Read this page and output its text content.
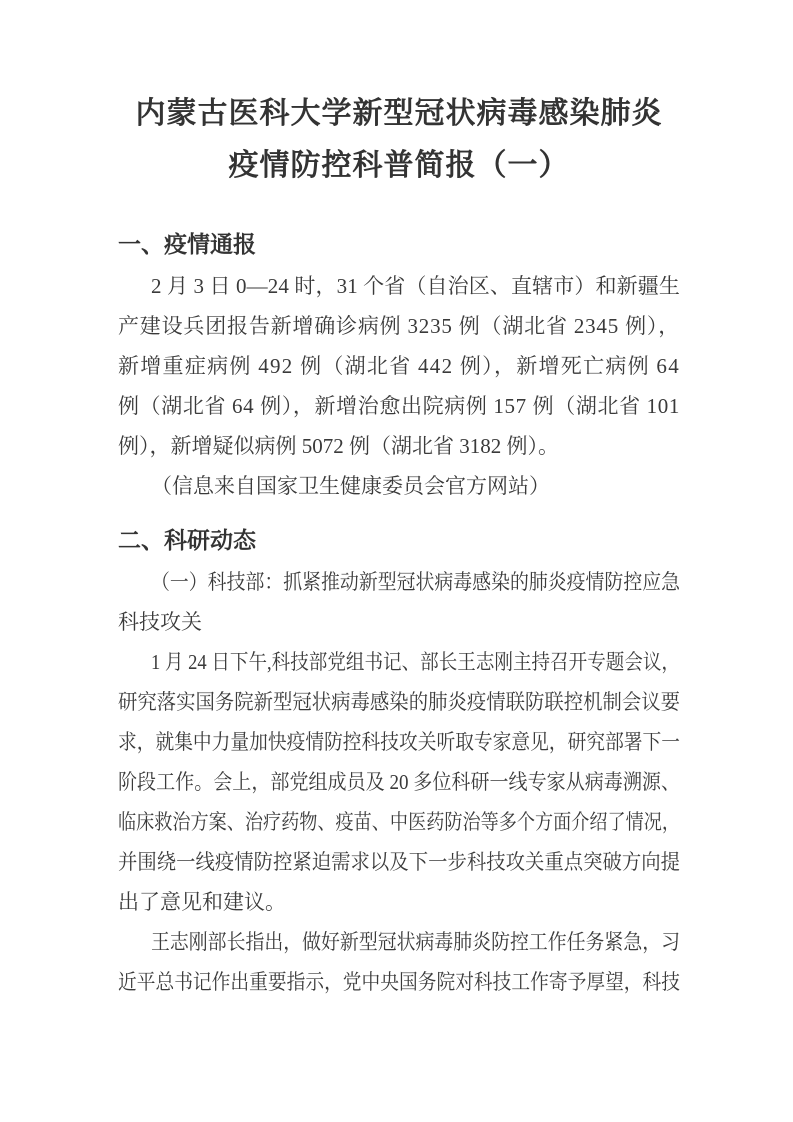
内蒙古医科大学新型冠状病毒感染肺炎
疫情防控科普简报（一）
一、疫情通报
2 月 3 日 0—24 时，31 个省（自治区、直辖市）和新疆生
产建设兵团报告新增确诊病例 3235 例（湖北省 2345 例），
新增重症病例 492 例（湖北省 442 例），新增死亡病例 64
例（湖北省 64 例），新增治愈出院病例 157 例（湖北省 101
例），新增疑似病例 5072 例（湖北省 3182 例）。
（信息来自国家卫生健康委员会官方网站）
二、科研动态
（一）科技部：抓紧推动新型冠状病毒感染的肺炎疫情防控应急
科技攻关
1 月 24 日下午,科技部党组书记、部长王志刚主持召开专题会议，
研究落实国务院新型冠状病毒感染的肺炎疫情联防联控机制会议要
求，就集中力量加快疫情防控科技攻关听取专家意见，研究部署下一
阶段工作。会上，部党组成员及 20 多位科研一线专家从病毒溯源、
临床救治方案、治疗药物、疫苗、中医药防治等多个方面介绍了情况，
并围绕一线疫情防控紧迫需求以及下一步科技攻关重点突破方向提
出了意见和建议。
王志刚部长指出，做好新型冠状病毒肺炎防控工作任务紧急，习
近平总书记作出重要指示，党中央国务院对科技工作寄予厚望，科技
